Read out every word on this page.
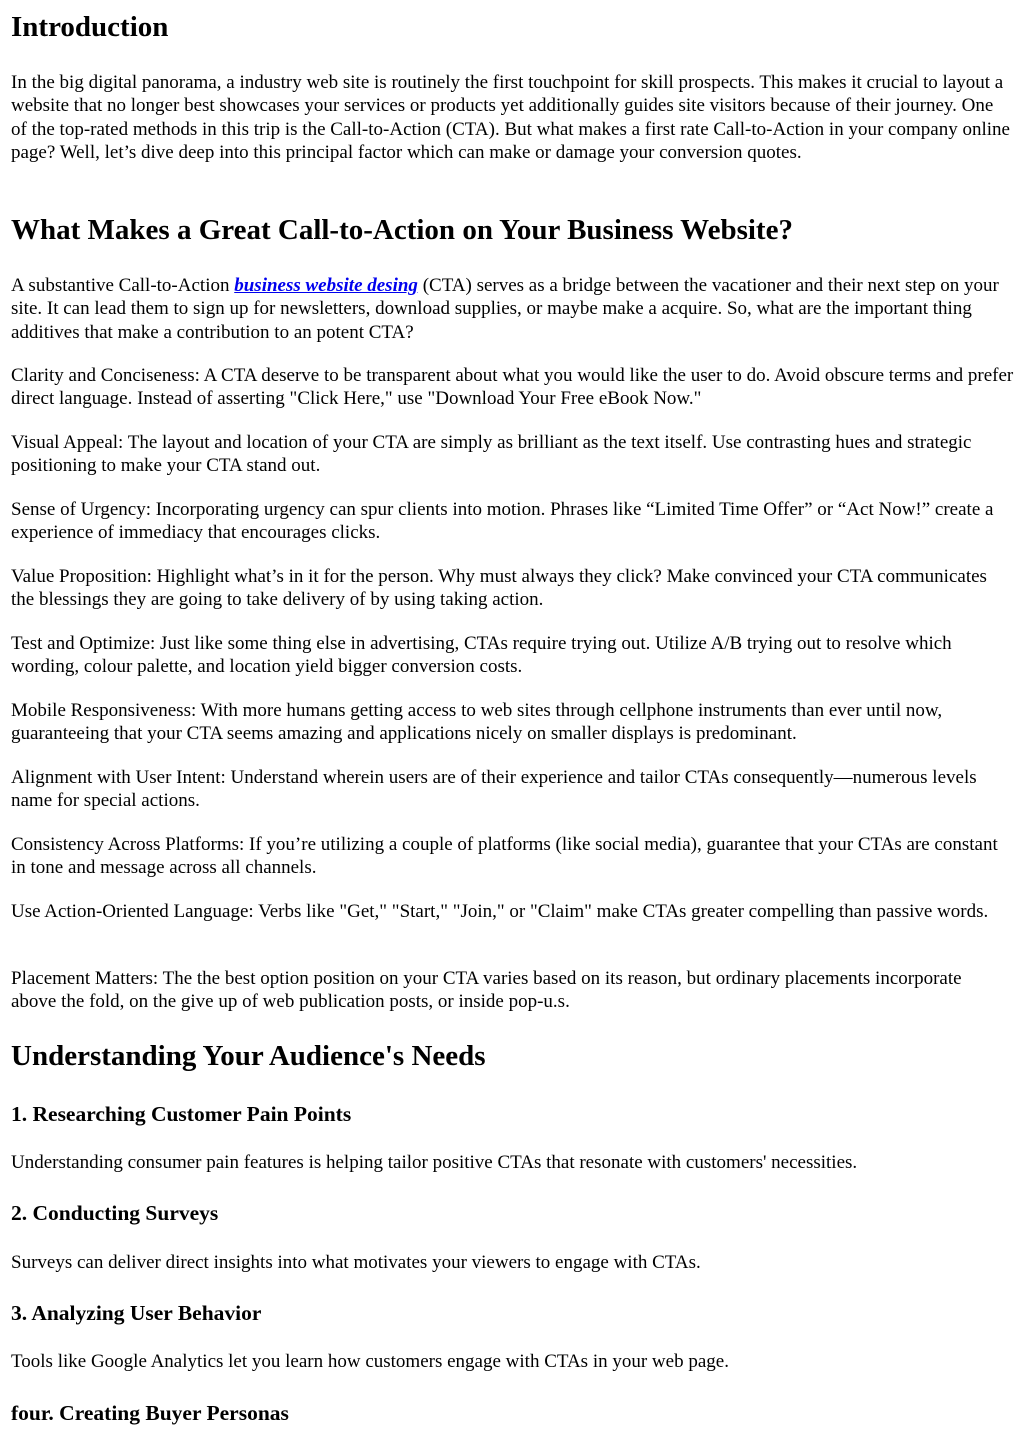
Introduction

In the big digital panorama, a industry web site is routinely the first touchpoint for skill prospects. This makes it crucial to layout a website that no longer best showcases your services or products yet additionally guides site visitors because of their journey. One of the top-rated methods in this trip is the Call-to-Action (CTA). But what makes a first rate Call-to-Action in your company online page? Well, let’s dive deep into this principal factor which can make or damage your conversion quotes.

What Makes a Great Call-to-Action on Your Business Website?

A substantive Call-to-Action business website desing (CTA) serves as a bridge between the vacationer and their next step on your site. It can lead them to sign up for newsletters, download supplies, or maybe make a acquire. So, what are the important thing additives that make a contribution to an potent CTA?

Clarity and Conciseness: A CTA deserve to be transparent about what you would like the user to do. Avoid obscure terms and prefer direct language. Instead of asserting "Click Here," use "Download Your Free eBook Now."

Visual Appeal: The layout and location of your CTA are simply as brilliant as the text itself. Use contrasting hues and strategic positioning to make your CTA stand out.

Sense of Urgency: Incorporating urgency can spur clients into motion. Phrases like “Limited Time Offer” or “Act Now!” create a experience of immediacy that encourages clicks.

Value Proposition: Highlight what’s in it for the person. Why must always they click? Make convinced your CTA communicates the blessings they are going to take delivery of by using taking action.

Test and Optimize: Just like some thing else in advertising, CTAs require trying out. Utilize A/B trying out to resolve which wording, colour palette, and location yield bigger conversion costs.

Mobile Responsiveness: With more humans getting access to web sites through cellphone instruments than ever until now, guaranteeing that your CTA seems amazing and applications nicely on smaller displays is predominant.

Alignment with User Intent: Understand wherein users are of their experience and tailor CTAs consequently—numerous levels name for special actions.

Consistency Across Platforms: If you’re utilizing a couple of platforms (like social media), guarantee that your CTAs are constant in tone and message across all channels.

Use Action-Oriented Language: Verbs like "Get," "Start," "Join," or "Claim" make CTAs greater compelling than passive words.

Placement Matters: The the best option position on your CTA varies based on its reason, but ordinary placements incorporate above the fold, on the give up of web publication posts, or inside pop-u.s.

Understanding Your Audience's Needs
1. Researching Customer Pain Points

Understanding consumer pain features is helping tailor positive CTAs that resonate with customers' necessities.

2. Conducting Surveys

Surveys can deliver direct insights into what motivates your viewers to engage with CTAs.

3. Analyzing User Behavior

Tools like Google Analytics let you learn how customers engage with CTAs in your web page.

four. Creating Buyer Personas
